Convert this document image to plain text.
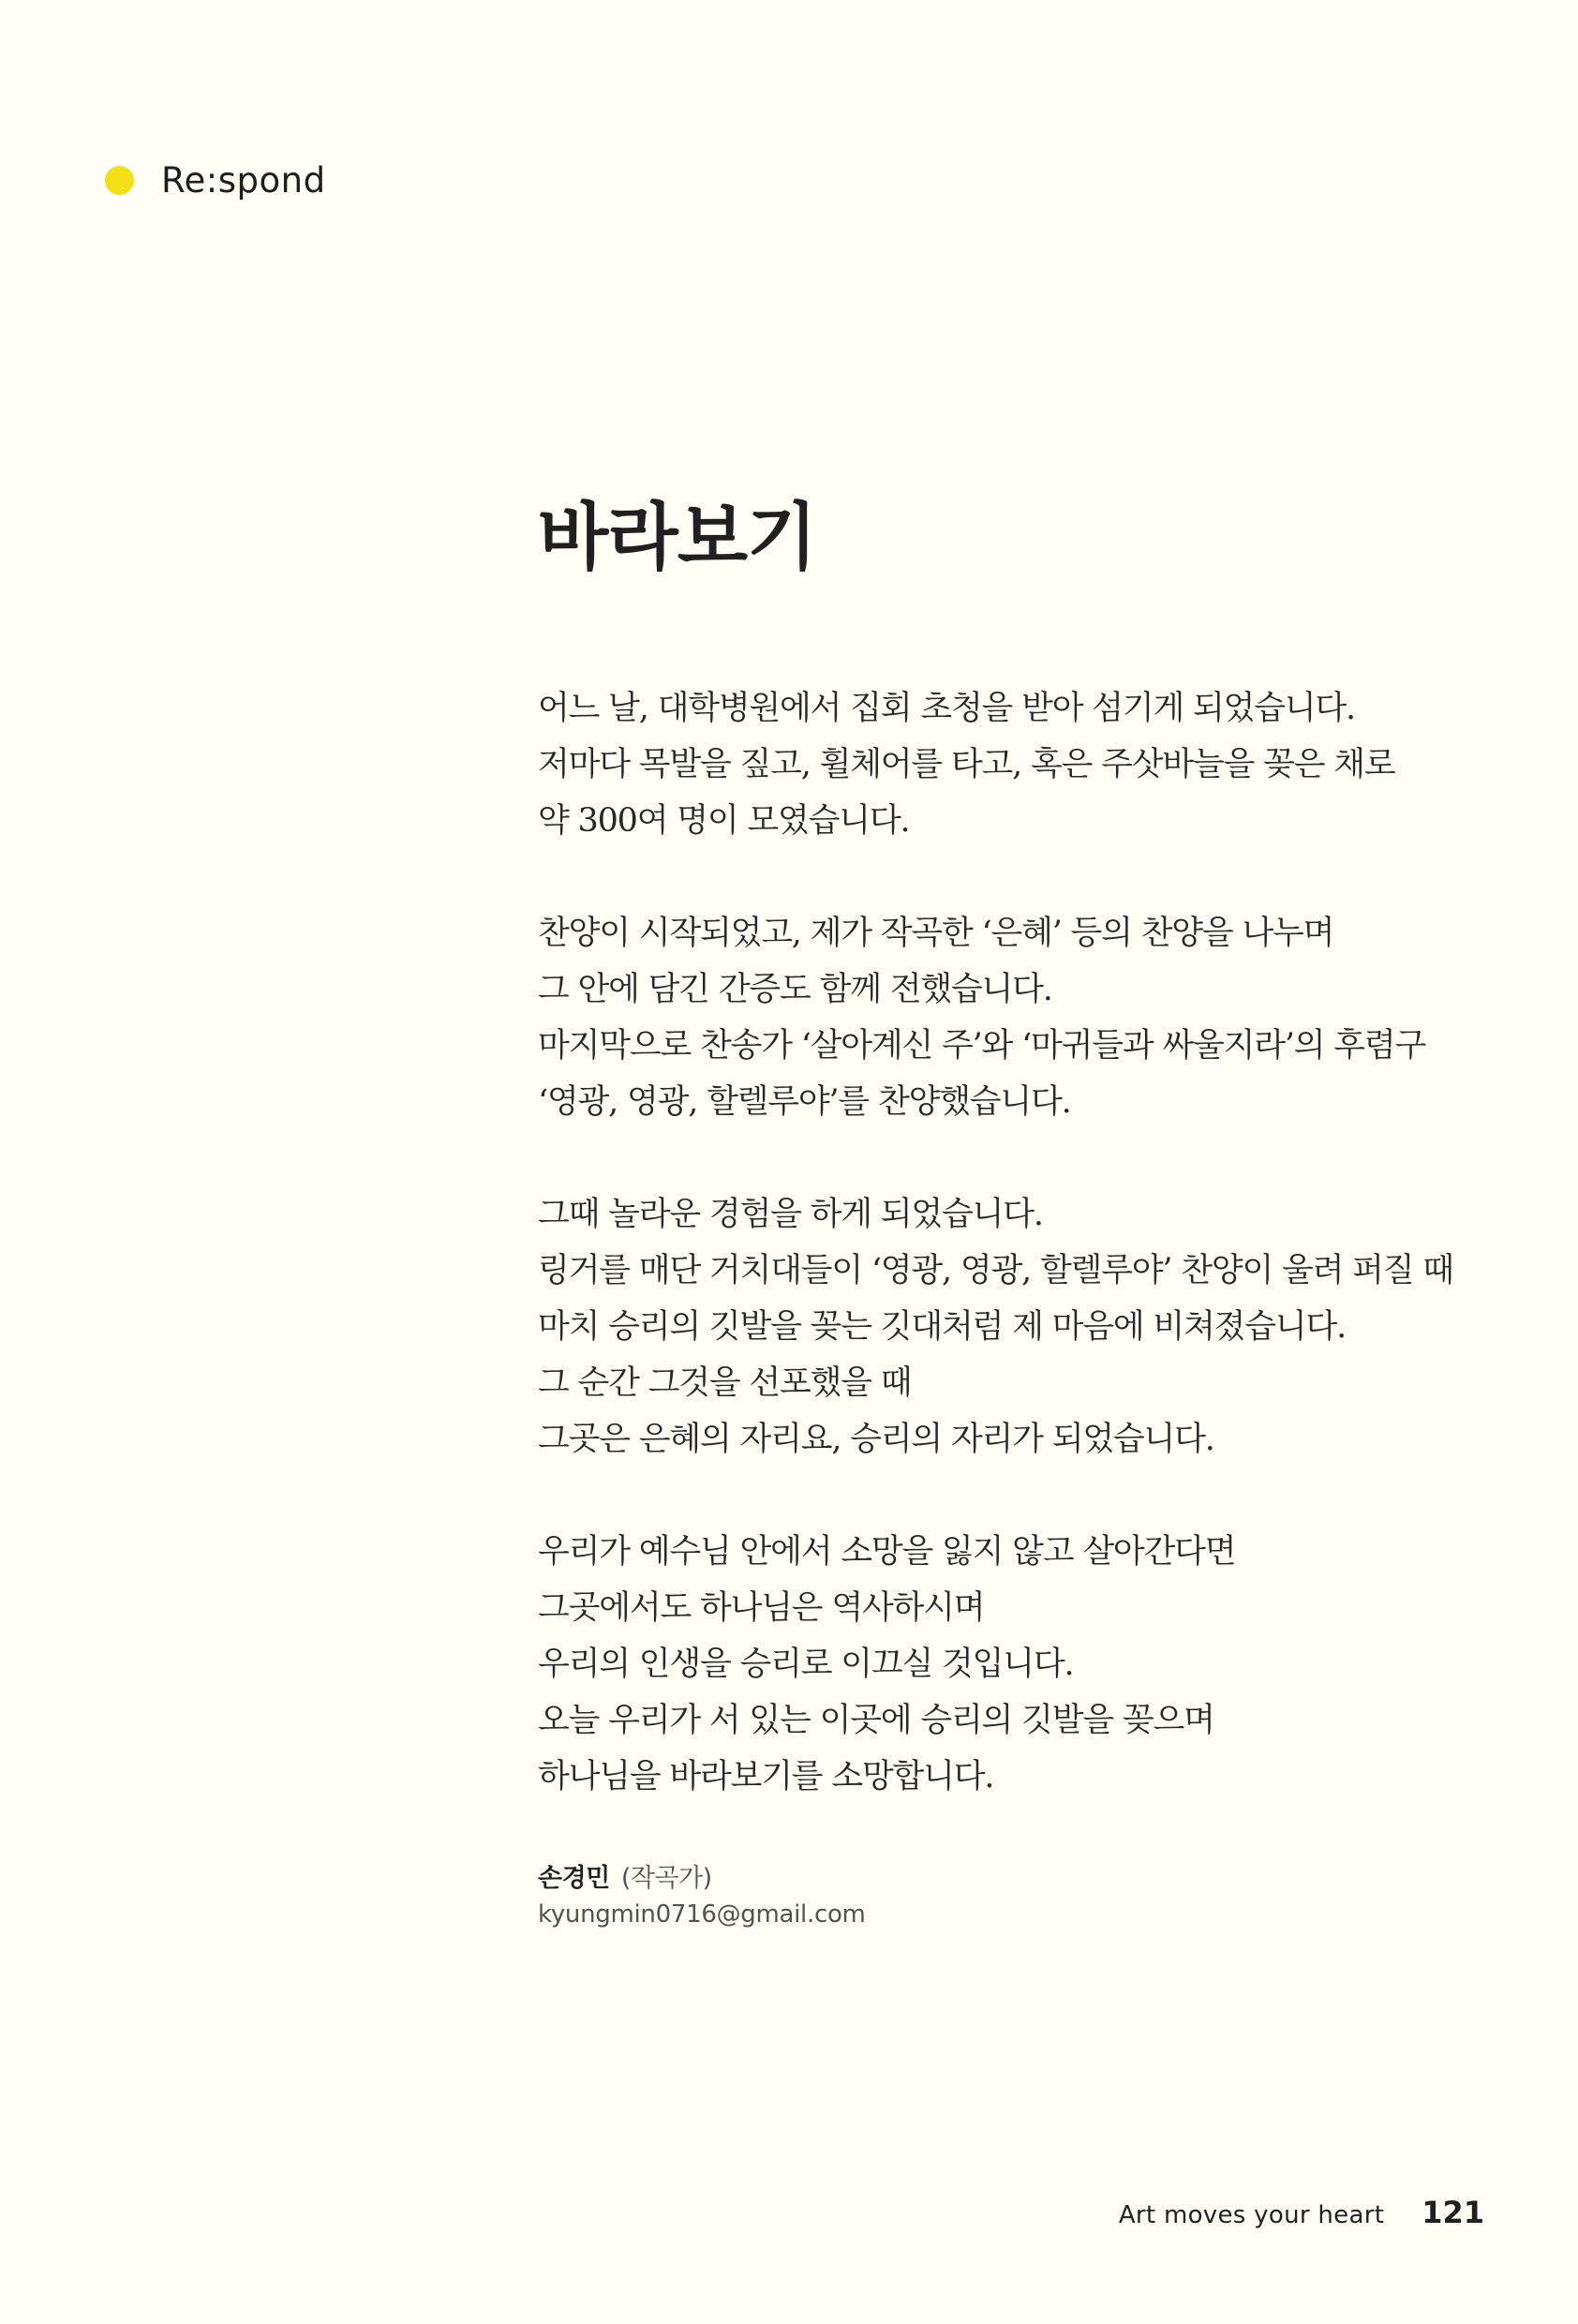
Re:spond
바라보기
어느 날, 대학병원에서 집회 초청을 받아 섬기게 되었습니다.
저마다 목발을 짚고, 휠체어를 타고, 혹은 주삿바늘을 꽂은 채로
약 300여 명이 모였습니다.
찬양이 시작되었고, 제가 작곡한 ‘은혜’ 등의 찬양을 나누며
그 안에 담긴 간증도 함께 전했습니다.
마지막으로 찬송가 ‘살아계신 주’와 ‘마귀들과 싸울지라’의 후렴구
‘영광, 영광, 할렐루야’를 찬양했습니다.
그때 놀라운 경험을 하게 되었습니다.
링거를 매단 거치대들이 ‘영광, 영광, 할렐루야’ 찬양이 울려 퍼질 때
마치 승리의 깃발을 꽂는 깃대처럼 제 마음에 비쳐졌습니다.
그 순간 그것을 선포했을 때
그곳은 은혜의 자리요, 승리의 자리가 되었습니다.
우리가 예수님 안에서 소망을 잃지 않고 살아간다면
그곳에서도 하나님은 역사하시며
우리의 인생을 승리로 이끄실 것입니다.
오늘 우리가 서 있는 이곳에 승리의 깃발을 꽂으며
하나님을 바라보기를 소망합니다.
손경민 (작곡가)
kyungmin0716@gmail.com
Art moves your heart 121
